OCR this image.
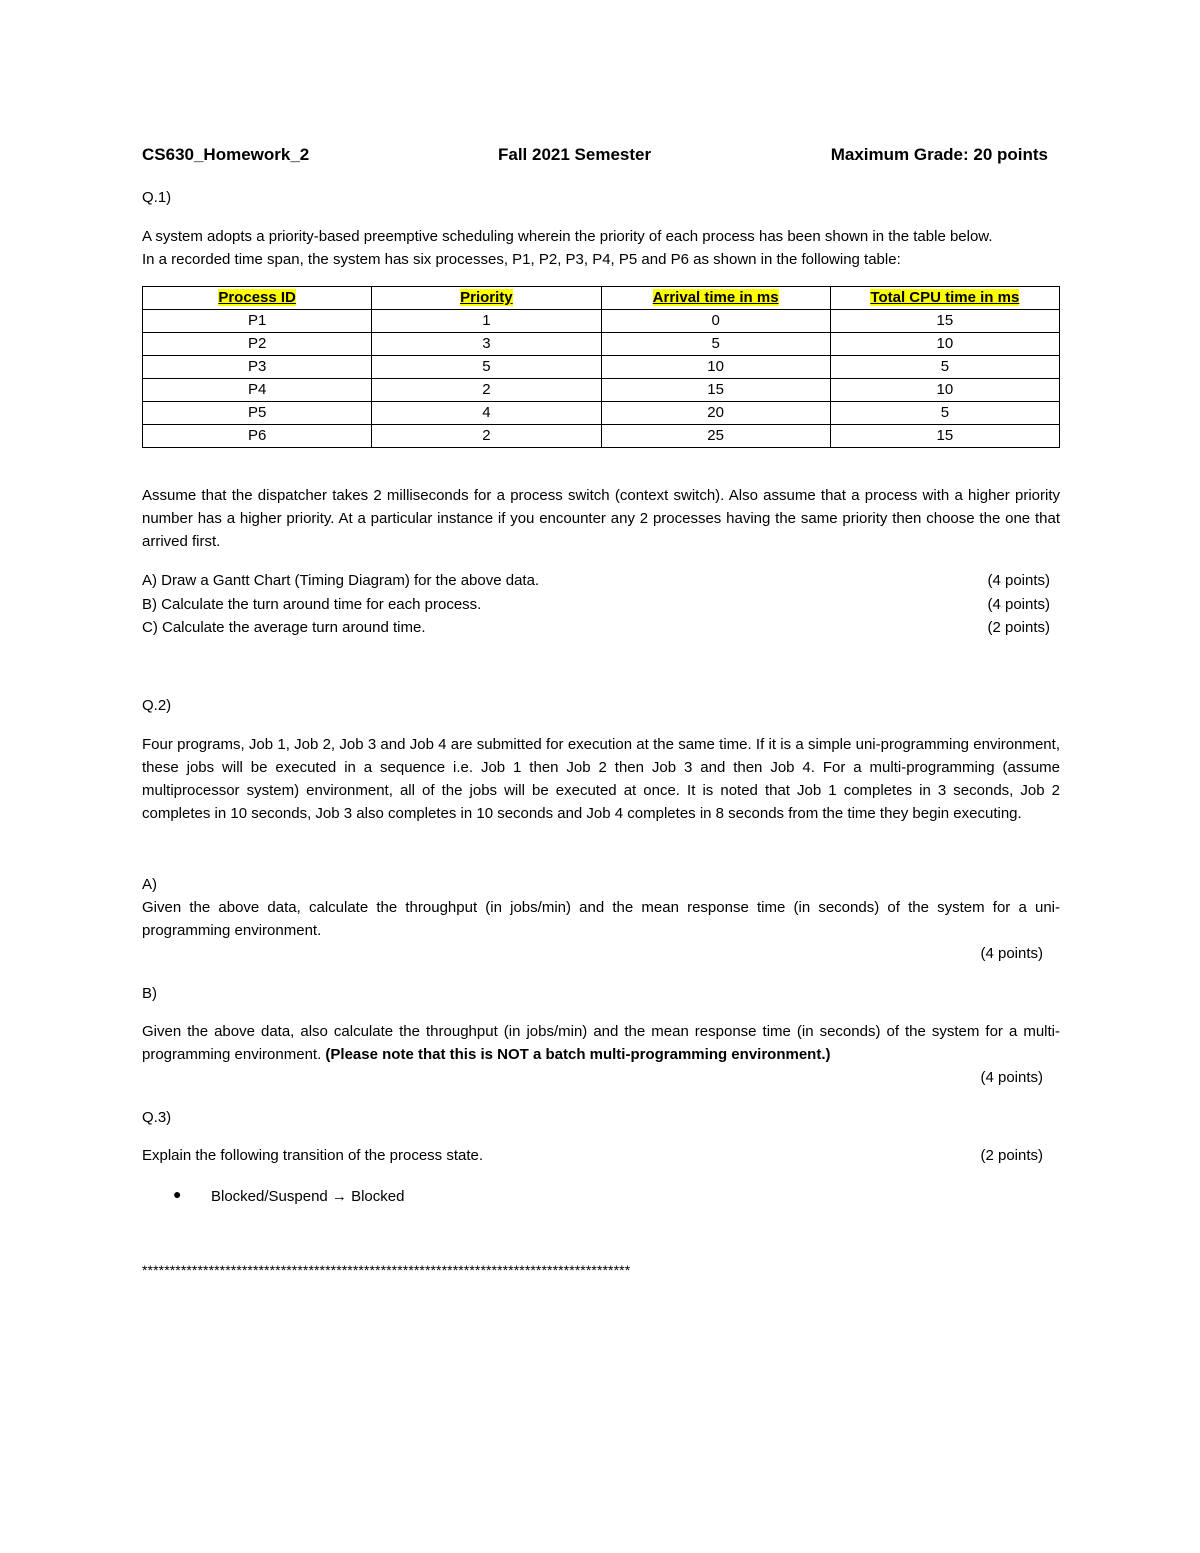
CS630_Homework_2	Fall 2021 Semester	Maximum Grade: 20 points
Q.1)
A system adopts a priority-based preemptive scheduling wherein the priority of each process has been shown in the table below.
In a recorded time span, the system has six processes, P1, P2, P3, P4, P5 and P6 as shown in the following table:
Process ID	Priority	Arrival time in ms	Total CPU time in ms
P1	1	0	15
P2	3	5	10
P3	5	10	5
P4	2	15	10
P5	4	20	5
P6	2	25	15
Assume that the dispatcher takes 2 milliseconds for a process switch (context switch). Also assume that a process with a higher priority number has a higher priority. At a particular instance if you encounter any 2 processes having the same priority then choose the one that arrived first.
A) Draw a Gantt Chart (Timing Diagram) for the above data.	(4 points)
B) Calculate the turn around time for each process.	(4 points)
C) Calculate the average turn around time.	(2 points)
Q.2)
Four programs, Job 1, Job 2, Job 3 and Job 4 are submitted for execution at the same time. If it is a simple uni-programming environment, these jobs will be executed in a sequence i.e. Job 1 then Job 2 then Job 3 and then Job 4. For a multi-programming (assume multiprocessor system) environment, all of the jobs will be executed at once. It is noted that Job 1 completes in 3 seconds, Job 2 completes in 10 seconds, Job 3 also completes in 10 seconds and Job 4 completes in 8 seconds from the time they begin executing.
A)
Given the above data, calculate the throughput (in jobs/min) and the mean response time (in seconds) of the system for a uni-programming environment.
(4 points)
B)
Given the above data, also calculate the throughput (in jobs/min) and the mean response time (in seconds) of the system for a multi-programming environment. (Please note that this is NOT a batch multi-programming environment.)
(4 points)
Q.3)
Explain the following transition of the process state.	(2 points)
● Blocked/Suspend → Blocked
****************************************************************************************
